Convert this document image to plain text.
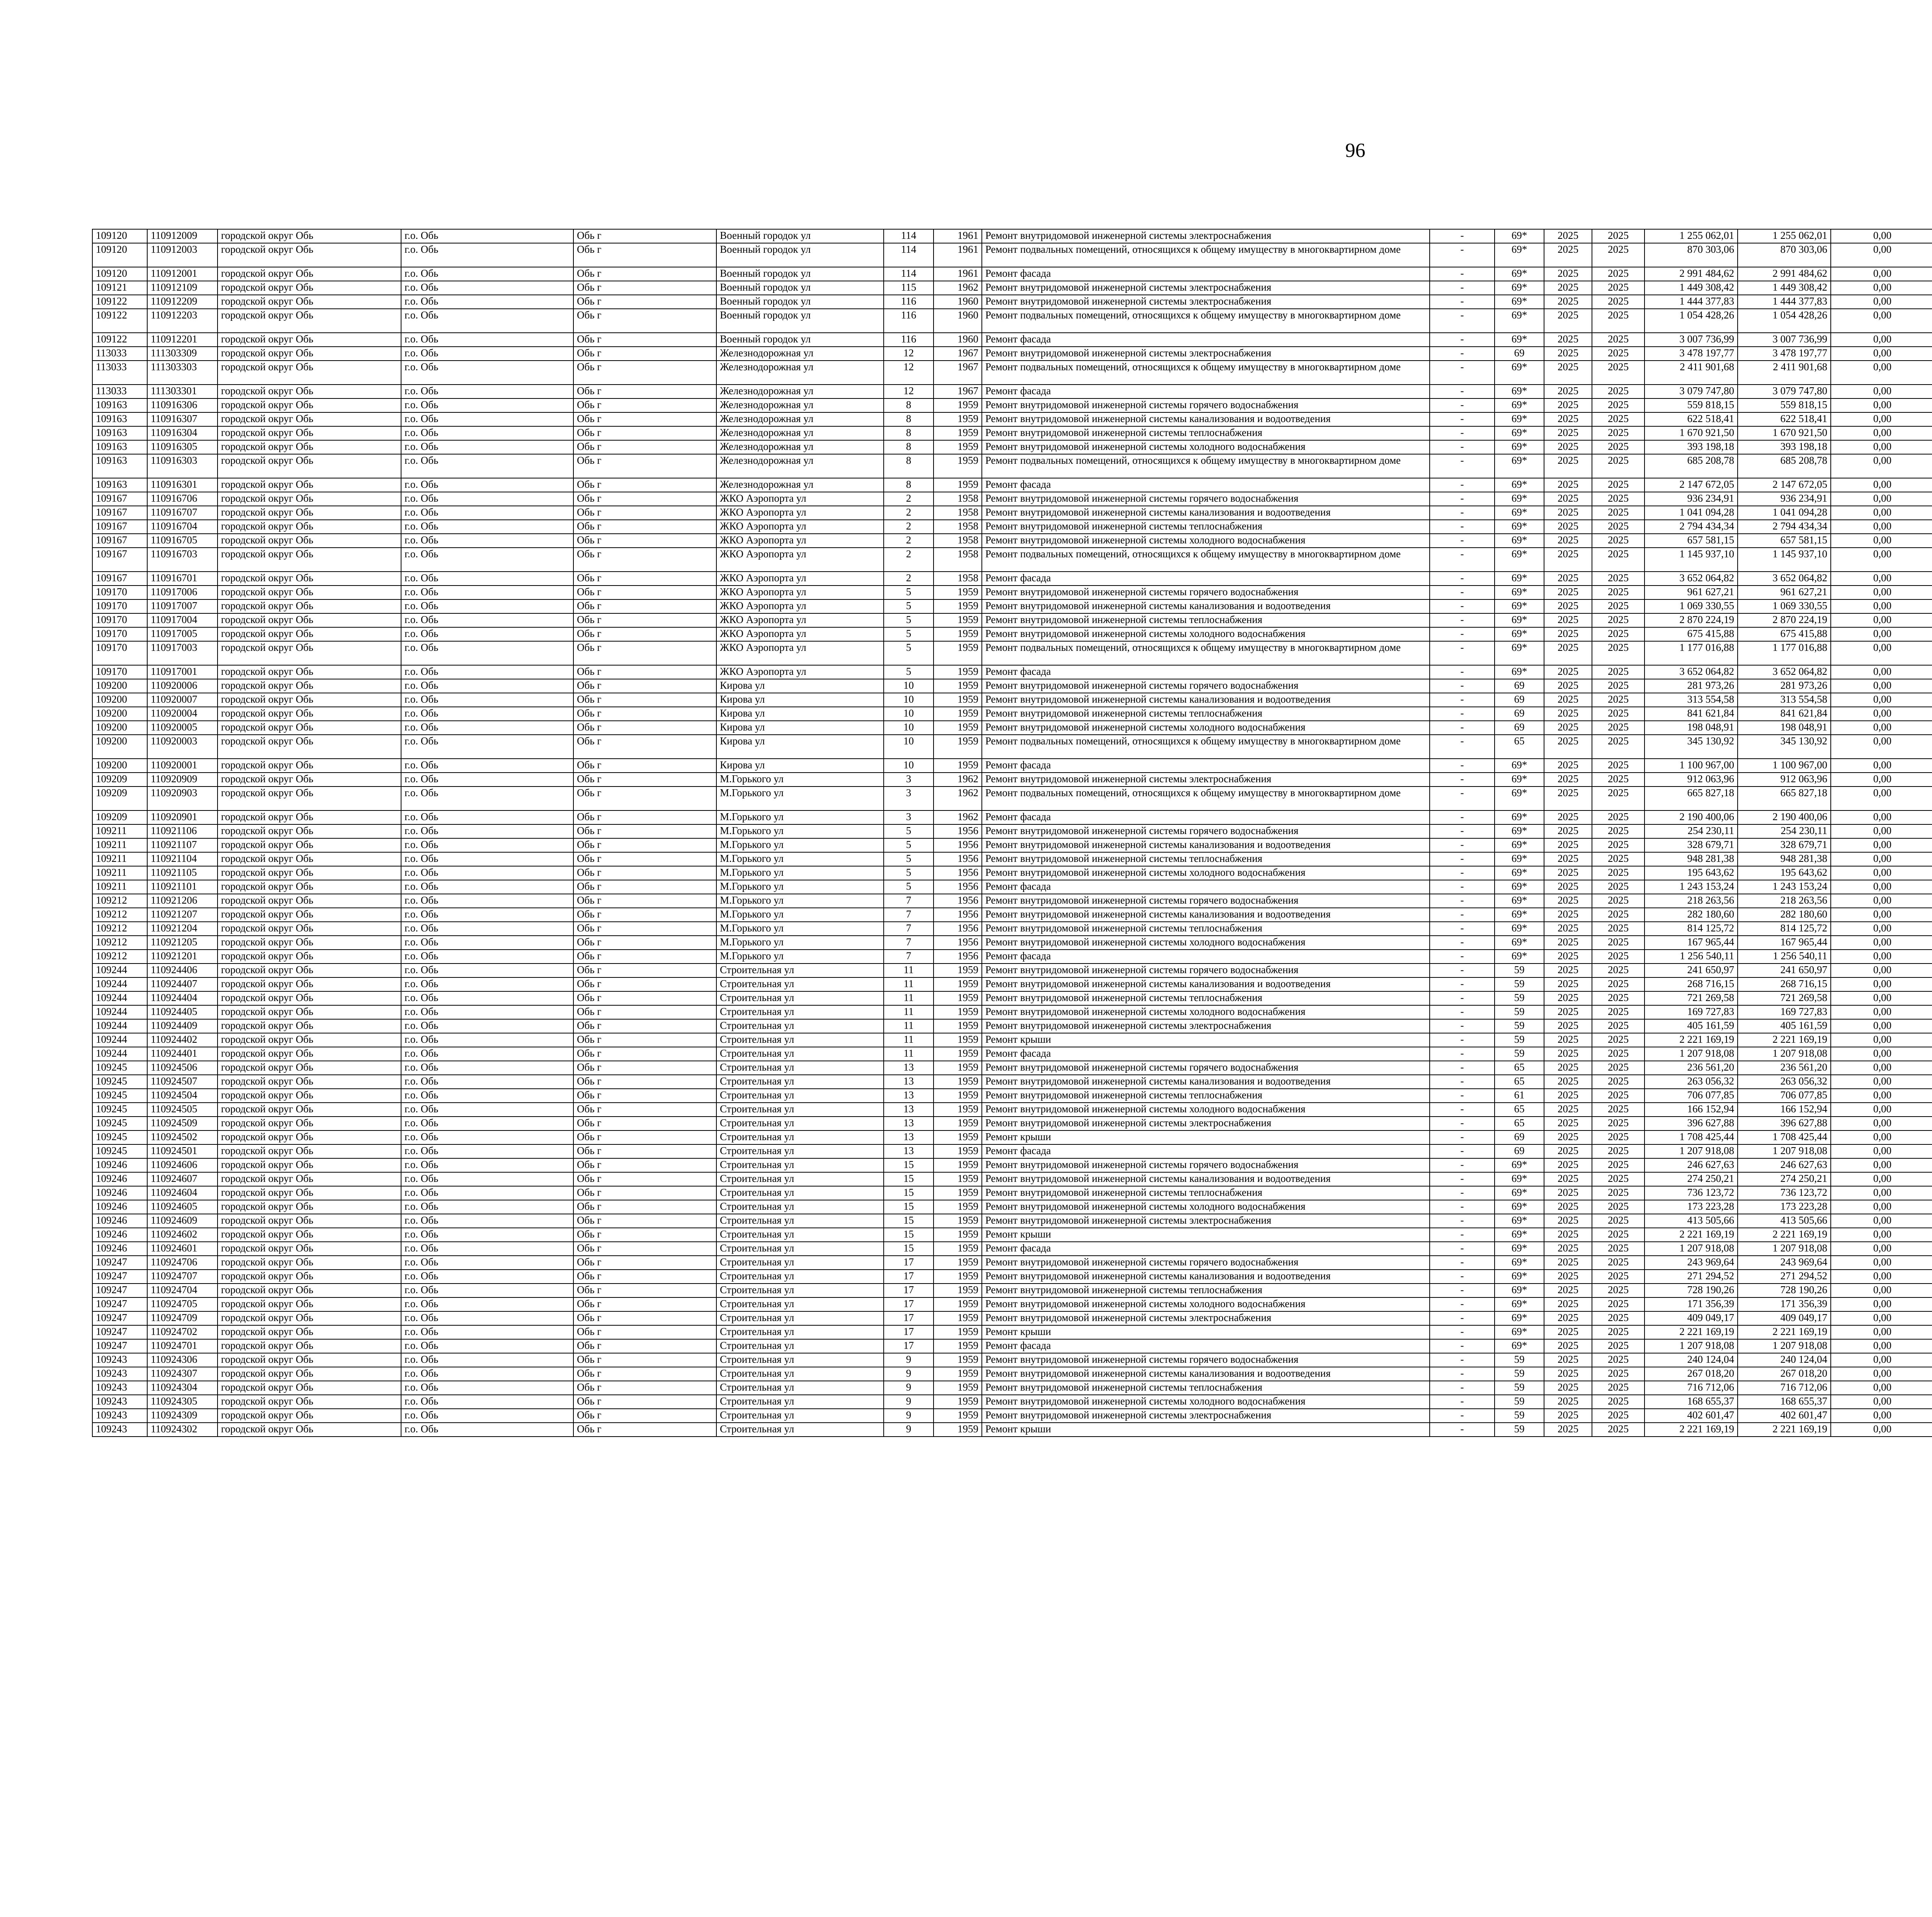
96
109120	110912009	городской округ Обь	г.о. Обь	Обь г	Военный городок ул	114	1961	Ремонт внутридомовой инженерной системы электроснабжения	-	69*	2025	2025	1 255 062,01	1 255 062,01	0,00						
109120	110912003	городской округ Обь	г.о. Обь	Обь г	Военный городок ул	114	1961	Ремонт подвальных помещений, относящихся к общему имуществу в многоквартирном доме	-	69*	2025	2025	870 303,06	870 303,06	0,00						
109120	110912001	городской округ Обь	г.о. Обь	Обь г	Военный городок ул	114	1961	Ремонт фасада	-	69*	2025	2025	2 991 484,62	2 991 484,62	0,00						
109121	110912109	городской округ Обь	г.о. Обь	Обь г	Военный городок ул	115	1962	Ремонт внутридомовой инженерной системы электроснабжения	-	69*	2025	2025	1 449 308,42	1 449 308,42	0,00						
109122	110912209	городской округ Обь	г.о. Обь	Обь г	Военный городок ул	116	1960	Ремонт внутридомовой инженерной системы электроснабжения	-	69*	2025	2025	1 444 377,83	1 444 377,83	0,00						
109122	110912203	городской округ Обь	г.о. Обь	Обь г	Военный городок ул	116	1960	Ремонт подвальных помещений, относящихся к общему имуществу в многоквартирном доме	-	69*	2025	2025	1 054 428,26	1 054 428,26	0,00						
109122	110912201	городской округ Обь	г.о. Обь	Обь г	Военный городок ул	116	1960	Ремонт фасада	-	69*	2025	2025	3 007 736,99	3 007 736,99	0,00						
113033	111303309	городской округ Обь	г.о. Обь	Обь г	Железнодорожная ул	12	1967	Ремонт внутридомовой инженерной системы электроснабжения	-	69	2025	2025	3 478 197,77	3 478 197,77	0,00						
113033	111303303	городской округ Обь	г.о. Обь	Обь г	Железнодорожная ул	12	1967	Ремонт подвальных помещений, относящихся к общему имуществу в многоквартирном доме	-	69*	2025	2025	2 411 901,68	2 411 901,68	0,00						
113033	111303301	городской округ Обь	г.о. Обь	Обь г	Железнодорожная ул	12	1967	Ремонт фасада	-	69*	2025	2025	3 079 747,80	3 079 747,80	0,00						
109163	110916306	городской округ Обь	г.о. Обь	Обь г	Железнодорожная ул	8	1959	Ремонт внутридомовой инженерной системы горячего водоснабжения	-	69*	2025	2025	559 818,15	559 818,15	0,00						
109163	110916307	городской округ Обь	г.о. Обь	Обь г	Железнодорожная ул	8	1959	Ремонт внутридомовой инженерной системы канализования и водоотведения	-	69*	2025	2025	622 518,41	622 518,41	0,00						
109163	110916304	городской округ Обь	г.о. Обь	Обь г	Железнодорожная ул	8	1959	Ремонт внутридомовой инженерной системы теплоснабжения	-	69*	2025	2025	1 670 921,50	1 670 921,50	0,00						
109163	110916305	городской округ Обь	г.о. Обь	Обь г	Железнодорожная ул	8	1959	Ремонт внутридомовой инженерной системы холодного водоснабжения	-	69*	2025	2025	393 198,18	393 198,18	0,00						
109163	110916303	городской округ Обь	г.о. Обь	Обь г	Железнодорожная ул	8	1959	Ремонт подвальных помещений, относящихся к общему имуществу в многоквартирном доме	-	69*	2025	2025	685 208,78	685 208,78	0,00						
109163	110916301	городской округ Обь	г.о. Обь	Обь г	Железнодорожная ул	8	1959	Ремонт фасада	-	69*	2025	2025	2 147 672,05	2 147 672,05	0,00						
109167	110916706	городской округ Обь	г.о. Обь	Обь г	ЖКО Аэропорта ул	2	1958	Ремонт внутридомовой инженерной системы горячего водоснабжения	-	69*	2025	2025	936 234,91	936 234,91	0,00						
109167	110916707	городской округ Обь	г.о. Обь	Обь г	ЖКО Аэропорта ул	2	1958	Ремонт внутридомовой инженерной системы канализования и водоотведения	-	69*	2025	2025	1 041 094,28	1 041 094,28	0,00						
109167	110916704	городской округ Обь	г.о. Обь	Обь г	ЖКО Аэропорта ул	2	1958	Ремонт внутридомовой инженерной системы теплоснабжения	-	69*	2025	2025	2 794 434,34	2 794 434,34	0,00						
109167	110916705	городской округ Обь	г.о. Обь	Обь г	ЖКО Аэропорта ул	2	1958	Ремонт внутридомовой инженерной системы холодного водоснабжения	-	69*	2025	2025	657 581,15	657 581,15	0,00						
109167	110916703	городской округ Обь	г.о. Обь	Обь г	ЖКО Аэропорта ул	2	1958	Ремонт подвальных помещений, относящихся к общему имуществу в многоквартирном доме	-	69*	2025	2025	1 145 937,10	1 145 937,10	0,00						
109167	110916701	городской округ Обь	г.о. Обь	Обь г	ЖКО Аэропорта ул	2	1958	Ремонт фасада	-	69*	2025	2025	3 652 064,82	3 652 064,82	0,00						
109170	110917006	городской округ Обь	г.о. Обь	Обь г	ЖКО Аэропорта ул	5	1959	Ремонт внутридомовой инженерной системы горячего водоснабжения	-	69*	2025	2025	961 627,21	961 627,21	0,00						
109170	110917007	городской округ Обь	г.о. Обь	Обь г	ЖКО Аэропорта ул	5	1959	Ремонт внутридомовой инженерной системы канализования и водоотведения	-	69*	2025	2025	1 069 330,55	1 069 330,55	0,00						
109170	110917004	городской округ Обь	г.о. Обь	Обь г	ЖКО Аэропорта ул	5	1959	Ремонт внутридомовой инженерной системы теплоснабжения	-	69*	2025	2025	2 870 224,19	2 870 224,19	0,00						
109170	110917005	городской округ Обь	г.о. Обь	Обь г	ЖКО Аэропорта ул	5	1959	Ремонт внутридомовой инженерной системы холодного водоснабжения	-	69*	2025	2025	675 415,88	675 415,88	0,00						
109170	110917003	городской округ Обь	г.о. Обь	Обь г	ЖКО Аэропорта ул	5	1959	Ремонт подвальных помещений, относящихся к общему имуществу в многоквартирном доме	-	69*	2025	2025	1 177 016,88	1 177 016,88	0,00						
109170	110917001	городской округ Обь	г.о. Обь	Обь г	ЖКО Аэропорта ул	5	1959	Ремонт фасада	-	69*	2025	2025	3 652 064,82	3 652 064,82	0,00						
109200	110920006	городской округ Обь	г.о. Обь	Обь г	Кирова ул	10	1959	Ремонт внутридомовой инженерной системы горячего водоснабжения	-	69	2025	2025	281 973,26	281 973,26	0,00						
109200	110920007	городской округ Обь	г.о. Обь	Обь г	Кирова ул	10	1959	Ремонт внутридомовой инженерной системы канализования и водоотведения	-	69	2025	2025	313 554,58	313 554,58	0,00						
109200	110920004	городской округ Обь	г.о. Обь	Обь г	Кирова ул	10	1959	Ремонт внутридомовой инженерной системы теплоснабжения	-	69	2025	2025	841 621,84	841 621,84	0,00						
109200	110920005	городской округ Обь	г.о. Обь	Обь г	Кирова ул	10	1959	Ремонт внутридомовой инженерной системы холодного водоснабжения	-	69	2025	2025	198 048,91	198 048,91	0,00						
109200	110920003	городской округ Обь	г.о. Обь	Обь г	Кирова ул	10	1959	Ремонт подвальных помещений, относящихся к общему имуществу в многоквартирном доме	-	65	2025	2025	345 130,92	345 130,92	0,00						
109200	110920001	городской округ Обь	г.о. Обь	Обь г	Кирова ул	10	1959	Ремонт фасада	-	69*	2025	2025	1 100 967,00	1 100 967,00	0,00						
109209	110920909	городской округ Обь	г.о. Обь	Обь г	М.Горького ул	3	1962	Ремонт внутридомовой инженерной системы электроснабжения	-	69*	2025	2025	912 063,96	912 063,96	0,00						
109209	110920903	городской округ Обь	г.о. Обь	Обь г	М.Горького ул	3	1962	Ремонт подвальных помещений, относящихся к общему имуществу в многоквартирном доме	-	69*	2025	2025	665 827,18	665 827,18	0,00						
109209	110920901	городской округ Обь	г.о. Обь	Обь г	М.Горького ул	3	1962	Ремонт фасада	-	69*	2025	2025	2 190 400,06	2 190 400,06	0,00						
109211	110921106	городской округ Обь	г.о. Обь	Обь г	М.Горького ул	5	1956	Ремонт внутридомовой инженерной системы горячего водоснабжения	-	69*	2025	2025	254 230,11	254 230,11	0,00						
109211	110921107	городской округ Обь	г.о. Обь	Обь г	М.Горького ул	5	1956	Ремонт внутридомовой инженерной системы канализования и водоотведения	-	69*	2025	2025	328 679,71	328 679,71	0,00						
109211	110921104	городской округ Обь	г.о. Обь	Обь г	М.Горького ул	5	1956	Ремонт внутридомовой инженерной системы теплоснабжения	-	69*	2025	2025	948 281,38	948 281,38	0,00						
109211	110921105	городской округ Обь	г.о. Обь	Обь г	М.Горького ул	5	1956	Ремонт внутридомовой инженерной системы холодного водоснабжения	-	69*	2025	2025	195 643,62	195 643,62	0,00						
109211	110921101	городской округ Обь	г.о. Обь	Обь г	М.Горького ул	5	1956	Ремонт фасада	-	69*	2025	2025	1 243 153,24	1 243 153,24	0,00						
109212	110921206	городской округ Обь	г.о. Обь	Обь г	М.Горького ул	7	1956	Ремонт внутридомовой инженерной системы горячего водоснабжения	-	69*	2025	2025	218 263,56	218 263,56	0,00						
109212	110921207	городской округ Обь	г.о. Обь	Обь г	М.Горького ул	7	1956	Ремонт внутридомовой инженерной системы канализования и водоотведения	-	69*	2025	2025	282 180,60	282 180,60	0,00						
109212	110921204	городской округ Обь	г.о. Обь	Обь г	М.Горького ул	7	1956	Ремонт внутридомовой инженерной системы теплоснабжения	-	69*	2025	2025	814 125,72	814 125,72	0,00						
109212	110921205	городской округ Обь	г.о. Обь	Обь г	М.Горького ул	7	1956	Ремонт внутридомовой инженерной системы холодного водоснабжения	-	69*	2025	2025	167 965,44	167 965,44	0,00						
109212	110921201	городской округ Обь	г.о. Обь	Обь г	М.Горького ул	7	1956	Ремонт фасада	-	69*	2025	2025	1 256 540,11	1 256 540,11	0,00						
109244	110924406	городской округ Обь	г.о. Обь	Обь г	Строительная ул	11	1959	Ремонт внутридомовой инженерной системы горячего водоснабжения	-	59	2025	2025	241 650,97	241 650,97	0,00						
109244	110924407	городской округ Обь	г.о. Обь	Обь г	Строительная ул	11	1959	Ремонт внутридомовой инженерной системы канализования и водоотведения	-	59	2025	2025	268 716,15	268 716,15	0,00						
109244	110924404	городской округ Обь	г.о. Обь	Обь г	Строительная ул	11	1959	Ремонт внутридомовой инженерной системы теплоснабжения	-	59	2025	2025	721 269,58	721 269,58	0,00						
109244	110924405	городской округ Обь	г.о. Обь	Обь г	Строительная ул	11	1959	Ремонт внутридомовой инженерной системы холодного водоснабжения	-	59	2025	2025	169 727,83	169 727,83	0,00						
109244	110924409	городской округ Обь	г.о. Обь	Обь г	Строительная ул	11	1959	Ремонт внутридомовой инженерной системы электроснабжения	-	59	2025	2025	405 161,59	405 161,59	0,00						
109244	110924402	городской округ Обь	г.о. Обь	Обь г	Строительная ул	11	1959	Ремонт крыши	-	59	2025	2025	2 221 169,19	2 221 169,19	0,00						
109244	110924401	городской округ Обь	г.о. Обь	Обь г	Строительная ул	11	1959	Ремонт фасада	-	59	2025	2025	1 207 918,08	1 207 918,08	0,00						
109245	110924506	городской округ Обь	г.о. Обь	Обь г	Строительная ул	13	1959	Ремонт внутридомовой инженерной системы горячего водоснабжения	-	65	2025	2025	236 561,20	236 561,20	0,00						
109245	110924507	городской округ Обь	г.о. Обь	Обь г	Строительная ул	13	1959	Ремонт внутридомовой инженерной системы канализования и водоотведения	-	65	2025	2025	263 056,32	263 056,32	0,00						
109245	110924504	городской округ Обь	г.о. Обь	Обь г	Строительная ул	13	1959	Ремонт внутридомовой инженерной системы теплоснабжения	-	61	2025	2025	706 077,85	706 077,85	0,00						
109245	110924505	городской округ Обь	г.о. Обь	Обь г	Строительная ул	13	1959	Ремонт внутридомовой инженерной системы холодного водоснабжения	-	65	2025	2025	166 152,94	166 152,94	0,00						
109245	110924509	городской округ Обь	г.о. Обь	Обь г	Строительная ул	13	1959	Ремонт внутридомовой инженерной системы электроснабжения	-	65	2025	2025	396 627,88	396 627,88	0,00						
109245	110924502	городской округ Обь	г.о. Обь	Обь г	Строительная ул	13	1959	Ремонт крыши	-	69	2025	2025	1 708 425,44	1 708 425,44	0,00						
109245	110924501	городской округ Обь	г.о. Обь	Обь г	Строительная ул	13	1959	Ремонт фасада	-	69	2025	2025	1 207 918,08	1 207 918,08	0,00						
109246	110924606	городской округ Обь	г.о. Обь	Обь г	Строительная ул	15	1959	Ремонт внутридомовой инженерной системы горячего водоснабжения	-	69*	2025	2025	246 627,63	246 627,63	0,00						
109246	110924607	городской округ Обь	г.о. Обь	Обь г	Строительная ул	15	1959	Ремонт внутридомовой инженерной системы канализования и водоотведения	-	69*	2025	2025	274 250,21	274 250,21	0,00						
109246	110924604	городской округ Обь	г.о. Обь	Обь г	Строительная ул	15	1959	Ремонт внутридомовой инженерной системы теплоснабжения	-	69*	2025	2025	736 123,72	736 123,72	0,00						
109246	110924605	городской округ Обь	г.о. Обь	Обь г	Строительная ул	15	1959	Ремонт внутридомовой инженерной системы холодного водоснабжения	-	69*	2025	2025	173 223,28	173 223,28	0,00						
109246	110924609	городской округ Обь	г.о. Обь	Обь г	Строительная ул	15	1959	Ремонт внутридомовой инженерной системы электроснабжения	-	69*	2025	2025	413 505,66	413 505,66	0,00						
109246	110924602	городской округ Обь	г.о. Обь	Обь г	Строительная ул	15	1959	Ремонт крыши	-	69*	2025	2025	2 221 169,19	2 221 169,19	0,00						
109246	110924601	городской округ Обь	г.о. Обь	Обь г	Строительная ул	15	1959	Ремонт фасада	-	69*	2025	2025	1 207 918,08	1 207 918,08	0,00						
109247	110924706	городской округ Обь	г.о. Обь	Обь г	Строительная ул	17	1959	Ремонт внутридомовой инженерной системы горячего водоснабжения	-	69*	2025	2025	243 969,64	243 969,64	0,00						
109247	110924707	городской округ Обь	г.о. Обь	Обь г	Строительная ул	17	1959	Ремонт внутридомовой инженерной системы канализования и водоотведения	-	69*	2025	2025	271 294,52	271 294,52	0,00						
109247	110924704	городской округ Обь	г.о. Обь	Обь г	Строительная ул	17	1959	Ремонт внутридомовой инженерной системы теплоснабжения	-	69*	2025	2025	728 190,26	728 190,26	0,00						
109247	110924705	городской округ Обь	г.о. Обь	Обь г	Строительная ул	17	1959	Ремонт внутридомовой инженерной системы холодного водоснабжения	-	69*	2025	2025	171 356,39	171 356,39	0,00						
109247	110924709	городской округ Обь	г.о. Обь	Обь г	Строительная ул	17	1959	Ремонт внутридомовой инженерной системы электроснабжения	-	69*	2025	2025	409 049,17	409 049,17	0,00						
109247	110924702	городской округ Обь	г.о. Обь	Обь г	Строительная ул	17	1959	Ремонт крыши	-	69*	2025	2025	2 221 169,19	2 221 169,19	0,00						
109247	110924701	городской округ Обь	г.о. Обь	Обь г	Строительная ул	17	1959	Ремонт фасада	-	69*	2025	2025	1 207 918,08	1 207 918,08	0,00						
109243	110924306	городской округ Обь	г.о. Обь	Обь г	Строительная ул	9	1959	Ремонт внутридомовой инженерной системы горячего водоснабжения	-	59	2025	2025	240 124,04	240 124,04	0,00						
109243	110924307	городской округ Обь	г.о. Обь	Обь г	Строительная ул	9	1959	Ремонт внутридомовой инженерной системы канализования и водоотведения	-	59	2025	2025	267 018,20	267 018,20	0,00						
109243	110924304	городской округ Обь	г.о. Обь	Обь г	Строительная ул	9	1959	Ремонт внутридомовой инженерной системы теплоснабжения	-	59	2025	2025	716 712,06	716 712,06	0,00						
109243	110924305	городской округ Обь	г.о. Обь	Обь г	Строительная ул	9	1959	Ремонт внутридомовой инженерной системы холодного водоснабжения	-	59	2025	2025	168 655,37	168 655,37	0,00						
109243	110924309	городской округ Обь	г.о. Обь	Обь г	Строительная ул	9	1959	Ремонт внутридомовой инженерной системы электроснабжения	-	59	2025	2025	402 601,47	402 601,47	0,00						
109243	110924302	городской округ Обь	г.о. Обь	Обь г	Строительная ул	9	1959	Ремонт крыши	-	59	2025	2025	2 221 169,19	2 221 169,19	0,00						
